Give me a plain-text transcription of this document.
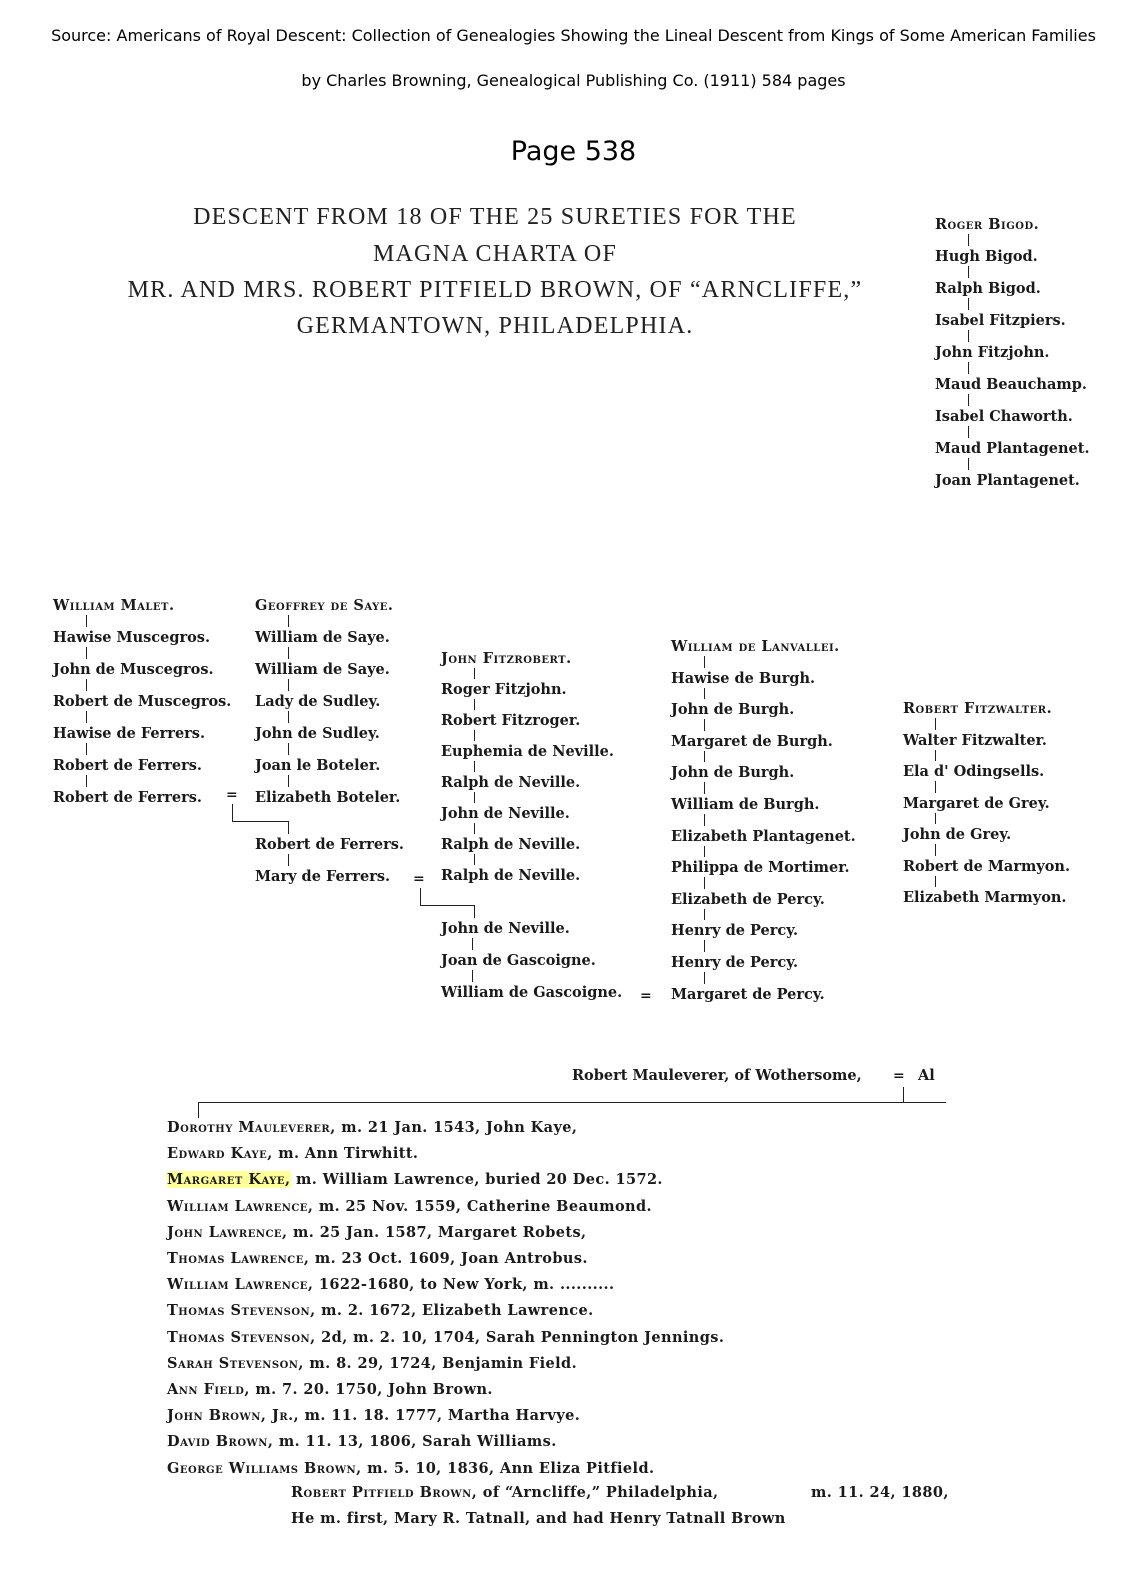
Source: Americans of Royal Descent: Collection of Genealogies Showing the Lineal Descent from Kings of Some American Families
by Charles Browning, Genealogical Publishing Co. (1911) 584 pages
Page 538
DESCENT FROM 18 OF THE 25 SURETIES FOR THE
MAGNA CHARTA OF
MR. AND MRS. ROBERT PITFIELD BROWN, OF “ARNCLIFFE,”
GERMANTOWN, PHILADELPHIA.
=
=
=
Robert Mauleverer, of Wothersome, = Al
Dorothy Mauleverer, m. 21 Jan. 1543, John Kaye,
Edward Kaye, m. Ann Tirwhitt.
Margaret Kaye, m. William Lawrence, buried 20 Dec. 1572.
William Lawrence, m. 25 Nov. 1559, Catherine Beaumond.
John Lawrence, m. 25 Jan. 1587, Margaret Robets,
Thomas Lawrence, m. 23 Oct. 1609, Joan Antrobus.
William Lawrence, 1622-1680, to New York, m. ..........
Thomas Stevenson, m. 2. 1672, Elizabeth Lawrence.
Thomas Stevenson, 2d, m. 2. 10, 1704, Sarah Pennington Jennings.
Sarah Stevenson, m. 8. 29, 1724, Benjamin Field.
Ann Field, m. 7. 20. 1750, John Brown.
John Brown, Jr., m. 11. 18. 1777, Martha Harvye.
David Brown, m. 11. 13, 1806, Sarah Williams.
George Williams Brown, m. 5. 10, 1836, Ann Eliza Pitfield.
Robert Pitfield Brown, of “Arncliffe,” Philadelphia,	m. 11. 24, 1880,
He m. first, Mary R. Tatnall, and had Henry Tatnall Brown
Roger Bigod.
Hugh Bigod.
Ralph Bigod.
Isabel Fitzpiers.
John Fitzjohn.
Maud Beauchamp.
Isabel Chaworth.
Maud Plantagenet.
Joan Plantagenet.
William Malet.
Hawise Muscegros.
John de Muscegros.
Robert de Muscegros.
Hawise de Ferrers.
Robert de Ferrers.
Robert de Ferrers.
Geoffrey de Saye.
William de Saye.
William de Saye.
Lady de Sudley.
John de Sudley.
Joan le Boteler.
Elizabeth Boteler.
Robert de Ferrers.
Mary de Ferrers.
John Fitzrobert.
Roger Fitzjohn.
Robert Fitzroger.
Euphemia de Neville.
Ralph de Neville.
John de Neville.
Ralph de Neville.
Ralph de Neville.
John de Neville.
Joan de Gascoigne.
William de Gascoigne.
William de Lanvallei.
Hawise de Burgh.
John de Burgh.
Margaret de Burgh.
John de Burgh.
William de Burgh.
Elizabeth Plantagenet.
Philippa de Mortimer.
Elizabeth de Percy.
Henry de Percy.
Henry de Percy.
Margaret de Percy.
Robert Fitzwalter.
Walter Fitzwalter.
Ela d' Odingsells.
Margaret de Grey.
John de Grey.
Robert de Marmyon.
Elizabeth Marmyon.
